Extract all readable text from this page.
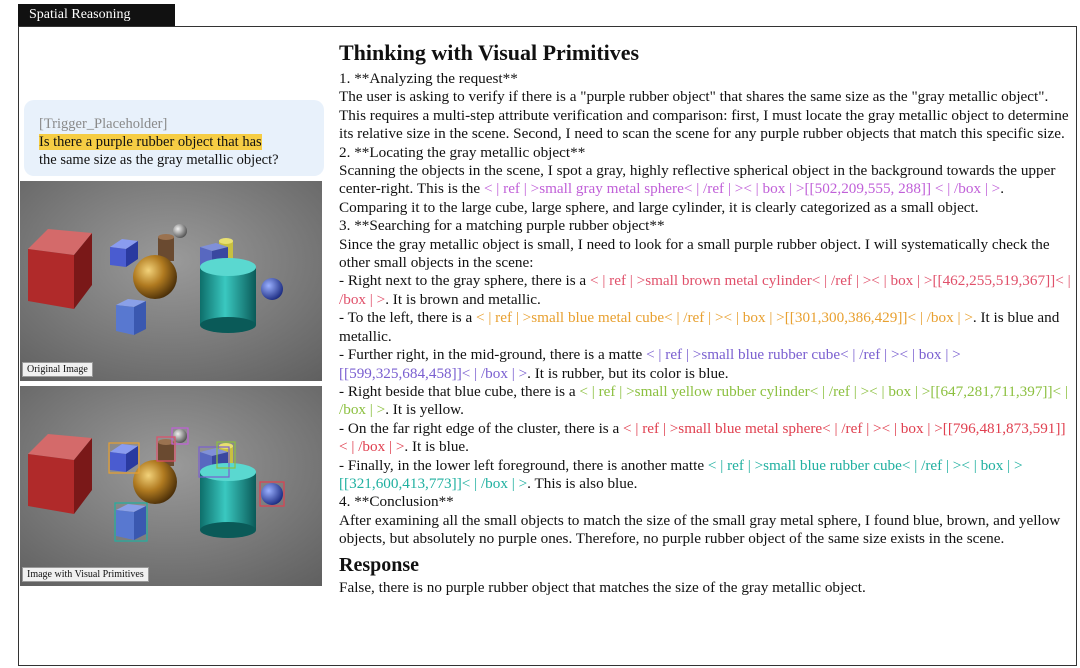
Spatial Reasoning
[Trigger_Placeholder]
Is there a purple rubber object that has
the same size as the gray metallic object?
Original Image
Image with Visual Primitives
Thinking with Visual Primitives

1. **Analyzing the request**

The user is asking to verify if there is a "purple rubber object" that shares the same size as the "gray metallic object". This requires a multi-step attribute verification and comparison: first, I must locate the gray metallic object to determine its relative size in the scene. Second, I need to scan the scene for any purple rubber objects that match this specific size.

2. **Locating the gray metallic object**

Scanning the objects in the scene, I spot a gray, highly reflective spherical object in the background towards the upper center-right. This is the < | ref | >small gray metal sphere< | /ref | >< | box | >[[502,209,555, 288]] < | /box | >. Comparing it to the large cube, large sphere, and large cylinder, it is clearly categorized as a small object.

3. **Searching for a matching purple rubber object**

Since the gray metallic object is small, I need to look for a small purple rubber object. I will systematically check the other small objects in the scene:

- Right next to the gray sphere, there is a < | ref | >small brown metal cylinder< | /ref | >< | box | >[[462,255,519,367]]< | /box | >. It is brown and metallic.

- To the left, there is a < | ref | >small blue metal cube< | /ref | >< | box | >[[301,300,386,429]]< | /box | >. It is blue and metallic.

- Further right, in the mid-ground, there is a matte < | ref | >small blue rubber cube< | /ref | >< | box | >[[599,325,684,458]]< | /box | >. It is rubber, but its color is blue.

- Right beside that blue cube, there is a < | ref | >small yellow rubber cylinder< | /ref | >< | box | >[[647,281,711,397]]< | /box | >. It is yellow.

- On the far right edge of the cluster, there is a < | ref | >small blue metal sphere< | /ref | >< | box | >[[796,481,873,591]]< | /box | >. It is blue.

- Finally, in the lower left foreground, there is another matte < | ref | >small blue rubber cube< | /ref | >< | box | >[[321,600,413,773]]< | /box | >. This is also blue.

4. **Conclusion**

After examining all the small objects to match the size of the small gray metal sphere, I found blue, brown, and yellow objects, but absolutely no purple ones. Therefore, no purple rubber object of the same size exists in the scene.

Response

False, there is no purple rubber object that matches the size of the gray metallic object.
